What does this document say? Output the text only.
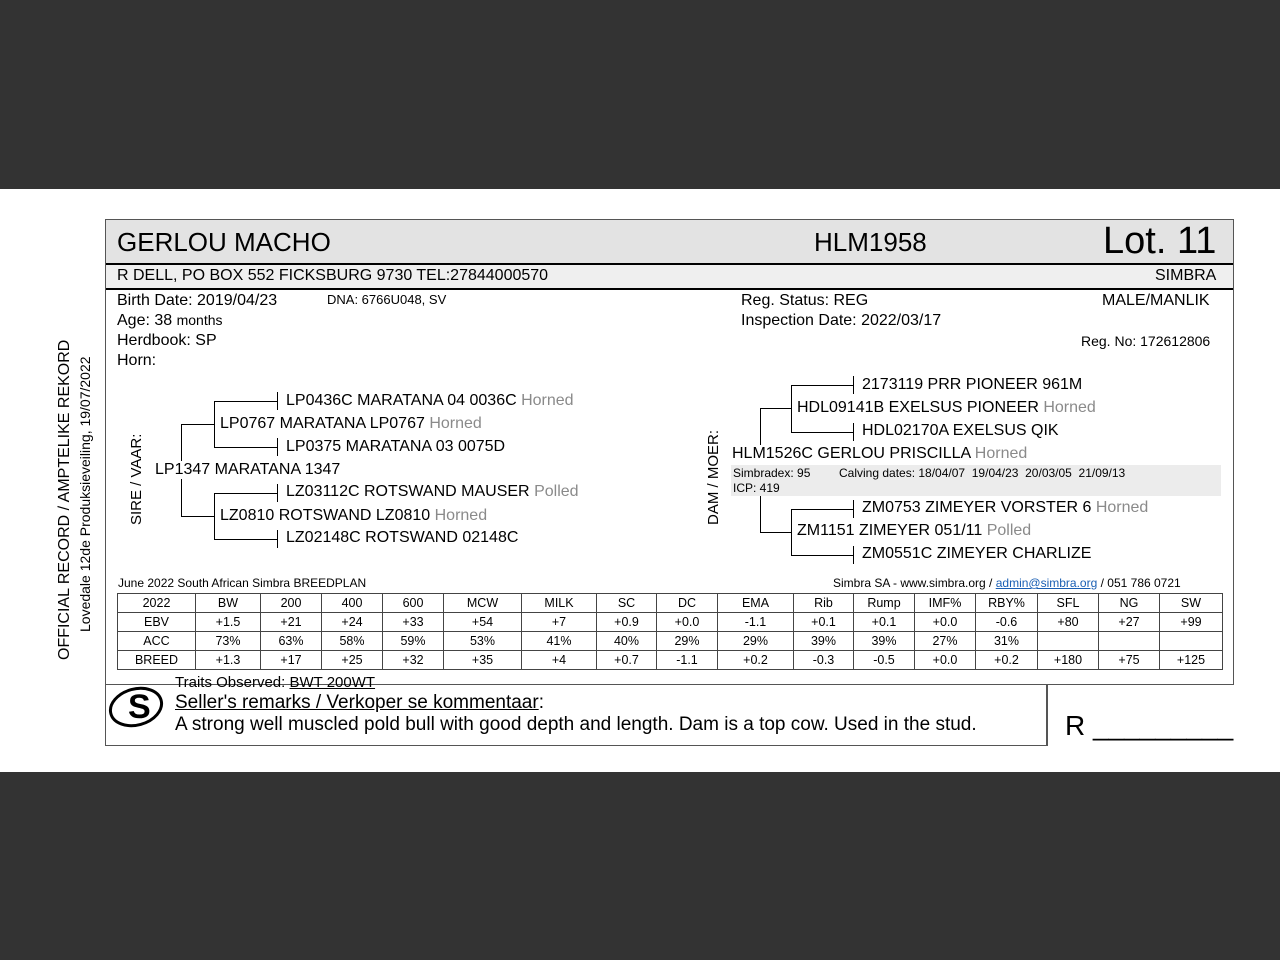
OFFICIAL RECORD / AMPTELIKE REKORD Lovedale 12de Produksieveiling, 19/07/2022
GERLOU MACHO	HLM1958	Lot. 11
R DELL, PO BOX 552 FICKSBURG 9730 TEL:27844000570	SIMBRA
Birth Date: 2019/04/23	DNA: 6766U048, SV
Age: 38 months
Herdbook: SP
Horn:
Reg. Status: REG
Inspection Date: 2022/03/17
MALE/MANLIK
Reg. No: 172612806
SIRE / VAAR: LP1347 MARATANA 1347
LP0767 MARATANA LP0767 Horned
LP0436C MARATANA 04 0036C Horned
LP0375 MARATANA 03 0075D
LZ0810 ROTSWAND LZ0810 Horned
LZ03112C ROTSWAND MAUSER Polled
LZ02148C ROTSWAND 02148C
DAM / MOER:
2173119 PRR PIONEER 961M
HDL09141B EXELSUS PIONEER Horned
HDL02170A EXELSUS QIK
HLM1526C GERLOU PRISCILLA Horned
Simbradex: 95 Calving dates: 18/04/07  19/04/23  20/03/05  21/09/13
ICP: 419
ZM0753 ZIMEYER VORSTER 6 Horned
ZM1151 ZIMEYER 051/11 Polled
ZM0551C ZIMEYER CHARLIZE
June 2022 South African Simbra BREEDPLAN	Simbra SA - www.simbra.org / admin@simbra.org / 051 786 0721
2022	BW	200	400	600	MCW	MILK	SC	DC	EMA	Rib	Rump	IMF%	RBY%	SFL	NG	SW
EBV	+1.5	+21	+24	+33	+54	+7	+0.9	+0.0	-1.1	+0.1	+0.1	+0.0	-0.6	+80	+27	+99
ACC	73%	63%	58%	59%	53%	41%	40%	29%	29%	39%	39%	27%	31%			
BREED	+1.3	+17	+25	+32	+35	+4	+0.7	-1.1	+0.2	-0.3	-0.5	+0.0	+0.2	+180	+75	+125
S
Traits Observed: BWT 200WT
Seller's remarks / Verkoper se kommentaar:
A strong well muscled pold bull with good depth and length. Dam is a top cow. Used in the stud.	R _________
